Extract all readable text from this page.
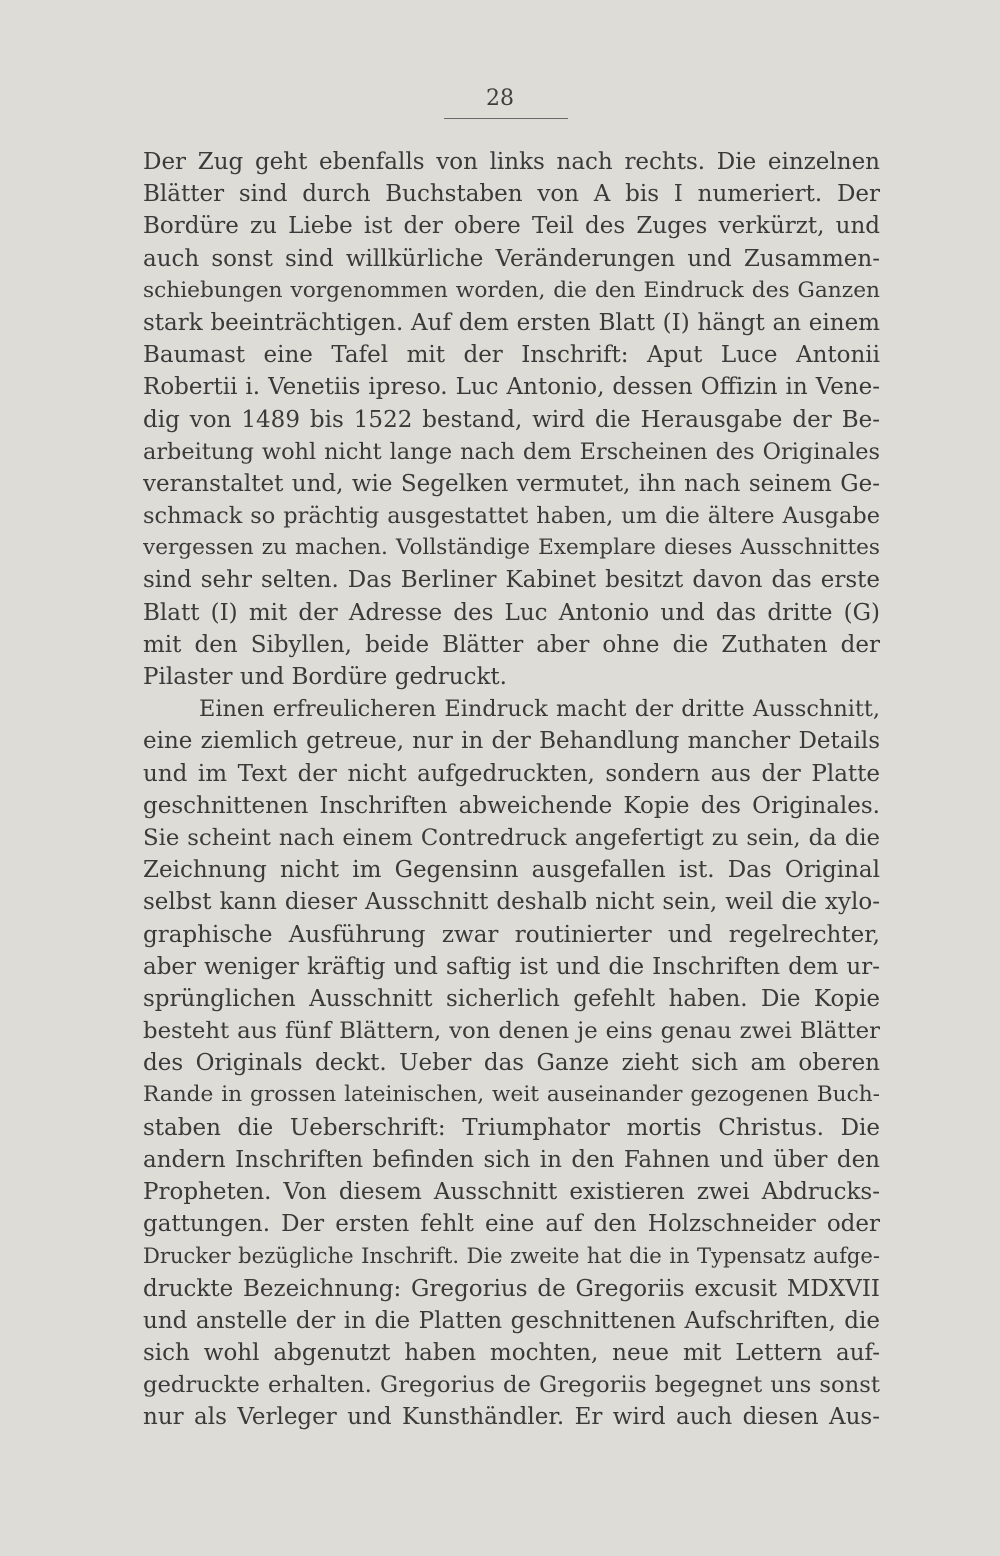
28
Der Zug geht ebenfalls von links nach rechts. Die einzelnen
Blätter sind durch Buchstaben von A bis I numeriert. Der
Bordüre zu Liebe ist der obere Teil des Zuges verkürzt, und
auch sonst sind willkürliche Veränderungen und Zusammen-
schiebungen vorgenommen worden, die den Eindruck des Ganzen
stark beeinträchtigen. Auf dem ersten Blatt (I) hängt an einem
Baumast eine Tafel mit der Inschrift: Aput Luce Antonii
Robertii i. Venetiis ipreso. Luc Antonio, dessen Offizin in Vene-
dig von 1489 bis 1522 bestand, wird die Herausgabe der Be-
arbeitung wohl nicht lange nach dem Erscheinen des Originales
veranstaltet und, wie Segelken vermutet, ihn nach seinem Ge-
schmack so prächtig ausgestattet haben, um die ältere Ausgabe
vergessen zu machen. Vollständige Exemplare dieses Ausschnittes
sind sehr selten. Das Berliner Kabinet besitzt davon das erste
Blatt (I) mit der Adresse des Luc Antonio und das dritte (G)
mit den Sibyllen, beide Blätter aber ohne die Zuthaten der
Pilaster und Bordüre gedruckt.
Einen erfreulicheren Eindruck macht der dritte Ausschnitt,
eine ziemlich getreue, nur in der Behandlung mancher Details
und im Text der nicht aufgedruckten, sondern aus der Platte
geschnittenen Inschriften abweichende Kopie des Originales.
Sie scheint nach einem Contredruck angefertigt zu sein, da die
Zeichnung nicht im Gegensinn ausgefallen ist. Das Original
selbst kann dieser Ausschnitt deshalb nicht sein, weil die xylo-
graphische Ausführung zwar routinierter und regelrechter,
aber weniger kräftig und saftig ist und die Inschriften dem ur-
sprünglichen Ausschnitt sicherlich gefehlt haben. Die Kopie
besteht aus fünf Blättern, von denen je eins genau zwei Blätter
des Originals deckt. Ueber das Ganze zieht sich am oberen
Rande in grossen lateinischen, weit auseinander gezogenen Buch-
staben die Ueberschrift: Triumphator mortis Christus. Die
andern Inschriften befinden sich in den Fahnen und über den
Propheten. Von diesem Ausschnitt existieren zwei Abdrucks-
gattungen. Der ersten fehlt eine auf den Holzschneider oder
Drucker bezügliche Inschrift. Die zweite hat die in Typensatz aufge-
druckte Bezeichnung: Gregorius de Gregoriis excusit MDXVII
und anstelle der in die Platten geschnittenen Aufschriften, die
sich wohl abgenutzt haben mochten, neue mit Lettern auf-
gedruckte erhalten. Gregorius de Gregoriis begegnet uns sonst
nur als Verleger und Kunsthändler. Er wird auch diesen Aus-
